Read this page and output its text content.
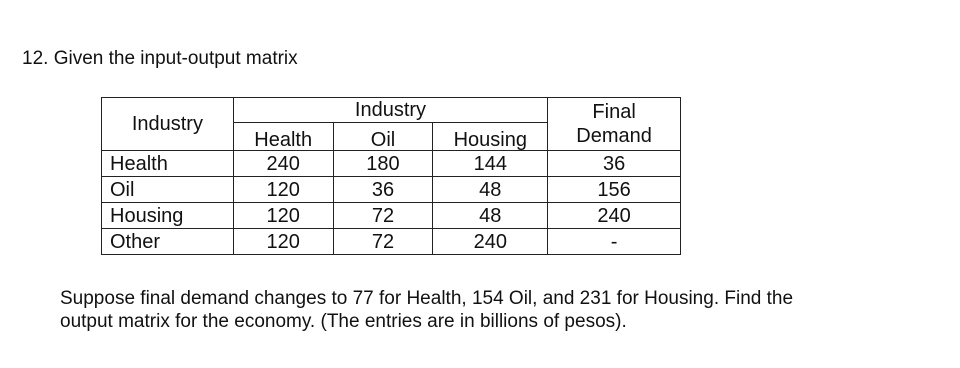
12. Given the input-output matrix
Industry	Industry			Final
Demand
	Health	Oil	Housing	
Health	240	180	144	36
Oil	120	36	48	156
Housing	120	72	48	240
Other	120	72	240	-
Suppose final demand changes to 77 for Health, 154 Oil, and 231 for Housing. Find the
output matrix for the economy. (The entries are in billions of pesos).
